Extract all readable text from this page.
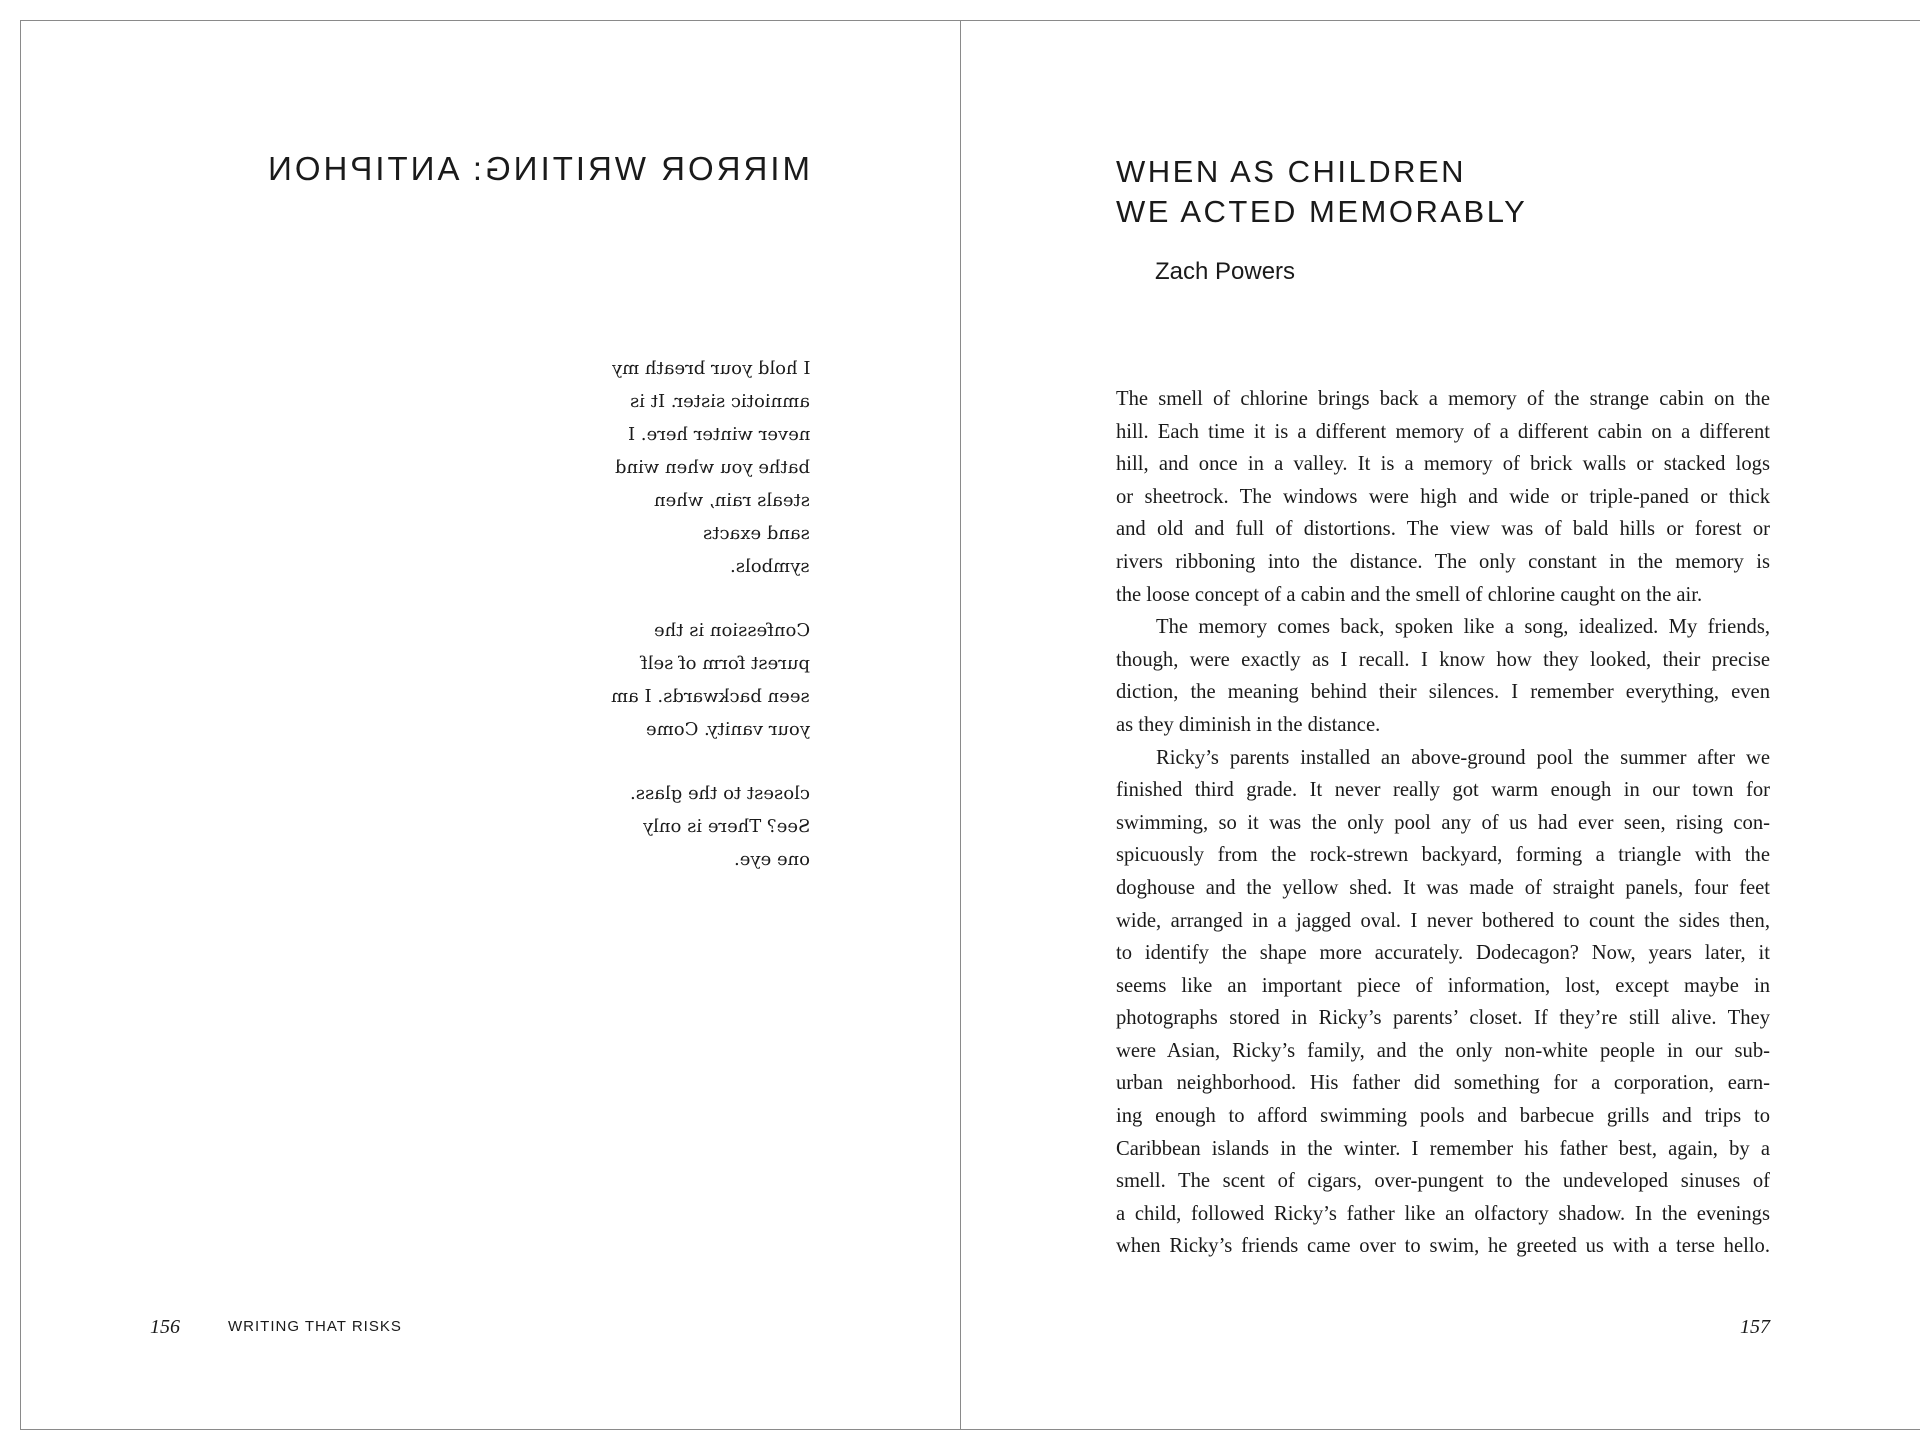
MIRROR WRITING: ANTIPHON
I hold your breath my
amniotic sister. It is
never winter here. I
bathe you when wind
steals rain, when
sand exacts
symbols.
Confession is the
purest form of self
seen backwards. I am
your vanity. Come
closest to the glass.
See? There is only
one eye.
156	WRITING THAT RISKS
WHEN AS CHILDREN
WE ACTED MEMORABLY
Zach Powers
The smell of chlorine brings back a memory of the strange cabin on the
hill. Each time it is a different memory of a different cabin on a different
hill, and once in a valley. It is a memory of brick walls or stacked logs
or sheetrock. The windows were high and wide or triple-paned or thick
and old and full of distortions. The view was of bald hills or forest or
rivers ribboning into the distance. The only constant in the memory is
the loose concept of a cabin and the smell of chlorine caught on the air.
The memory comes back, spoken like a song, idealized. My friends,
though, were exactly as I recall. I know how they looked, their precise
diction, the meaning behind their silences. I remember everything, even
as they diminish in the distance.
Ricky’s parents installed an above-ground pool the summer after we
finished third grade. It never really got warm enough in our town for
swimming, so it was the only pool any of us had ever seen, rising con-
spicuously from the rock-strewn backyard, forming a triangle with the
doghouse and the yellow shed. It was made of straight panels, four feet
wide, arranged in a jagged oval. I never bothered to count the sides then,
to identify the shape more accurately. Dodecagon? Now, years later, it
seems like an important piece of information, lost, except maybe in
photographs stored in Ricky’s parents’ closet. If they’re still alive. They
were Asian, Ricky’s family, and the only non-white people in our sub-
urban neighborhood. His father did something for a corporation, earn-
ing enough to afford swimming pools and barbecue grills and trips to
Caribbean islands in the winter. I remember his father best, again, by a
smell. The scent of cigars, over-pungent to the undeveloped sinuses of
a child, followed Ricky’s father like an olfactory shadow. In the evenings
when Ricky’s friends came over to swim, he greeted us with a terse hello.
157
